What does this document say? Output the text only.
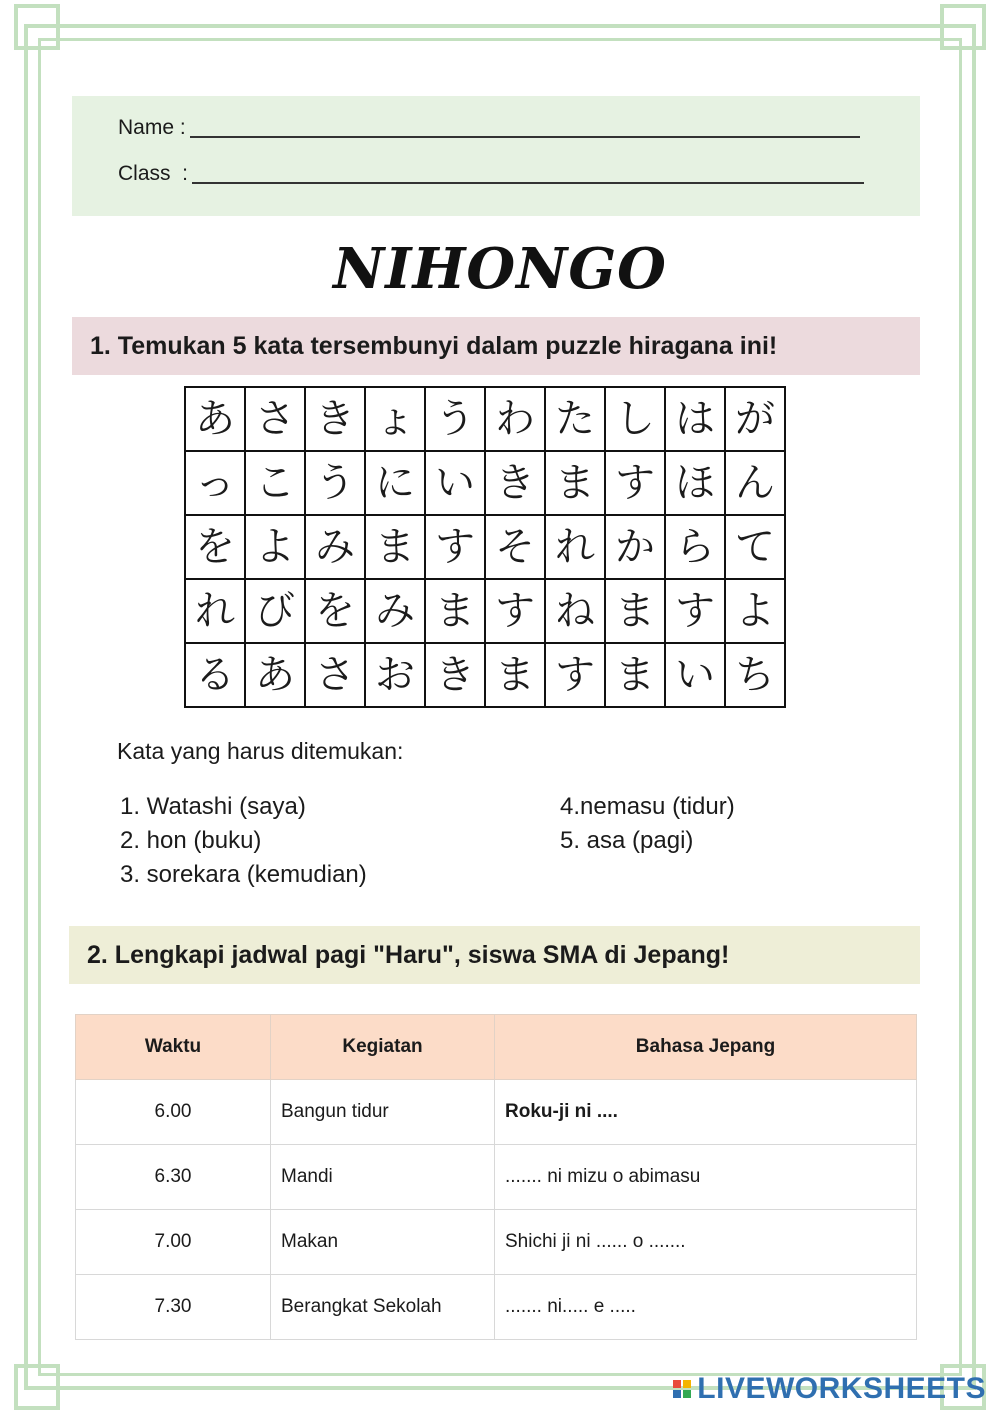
Name :
Class  :
NIHONGO
1. Temukan 5 kata tersembunyi dalam puzzle hiragana ini!
あ	さ	き	ょ	う	わ	た	し	は	が
っ	こ	う	に	い	き	ま	す	ほ	ん
を	よ	み	ま	す	そ	れ	か	ら	て
れ	び	を	み	ま	す	ね	ま	す	よ
る	あ	さ	お	き	ま	す	ま	い	ち
Kata yang harus ditemukan:
1. Watashi (saya)
2. hon (buku)
3. sorekara (kemudian)
4.nemasu (tidur)
5. asa (pagi)
2. Lengkapi jadwal pagi "Haru", siswa SMA di Jepang!
Waktu	Kegiatan	Bahasa Jepang
6.00	Bangun tidur	Roku-ji ni ....
6.30	Mandi	....... ni mizu o abimasu
7.00	Makan	Shichi ji ni ...... o .......
7.30	Berangkat Sekolah	....... ni..... e .....
LIVEWORKSHEETS
